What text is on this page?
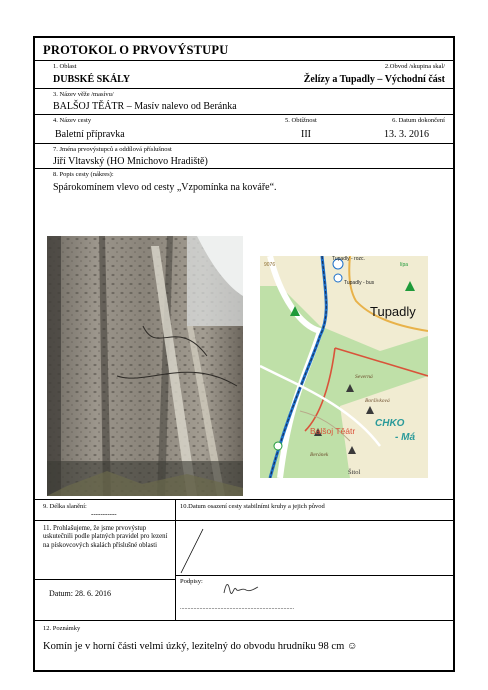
PROTOKOL O PRVOVÝSTUPU
1. Oblast
DUBSKÉ SKÁLY
2.Obvod /skupina skal/
Želízy a Tupadly – Východní část
3. Název věže /masívu/
BALŠOJ TĚÁTR – Masív nalevo od Beránka
4. Název cesty
Baletní přípravka
5. Obtížnost
III
6. Datum dokončení
13. 3. 2016
7. Jména prvovýstupců a oddílová příslušnost
Jiří Vltavský (HO Mnichovo Hradiště)
8. Popis cesty (nákres):
Spárokomínem vlevo od cesty „Vzpomínka na kováře“.
9076
Tupadly - rozc.
Tupadly - bus
lípa
Tupadly
Severná
Boršívková
CHKO
- Má
Balšoj Těátr
Beránek
Šitol
9. Délka slanění:
-----------
10.Datum osazení cesty stabilními kruhy a jejich původ
11. Prohlašujeme, že jsme prvovýstup uskutečnili podle platných pravidel pro lezení na pískovcových skalách příslušné oblasti
Datum: 28. 6. 2016
Podpisy:
............................................................................
12. Poznámky
Komín je v horní části velmi úzký, lezitelný do obvodu hrudníku 98 cm ☺
